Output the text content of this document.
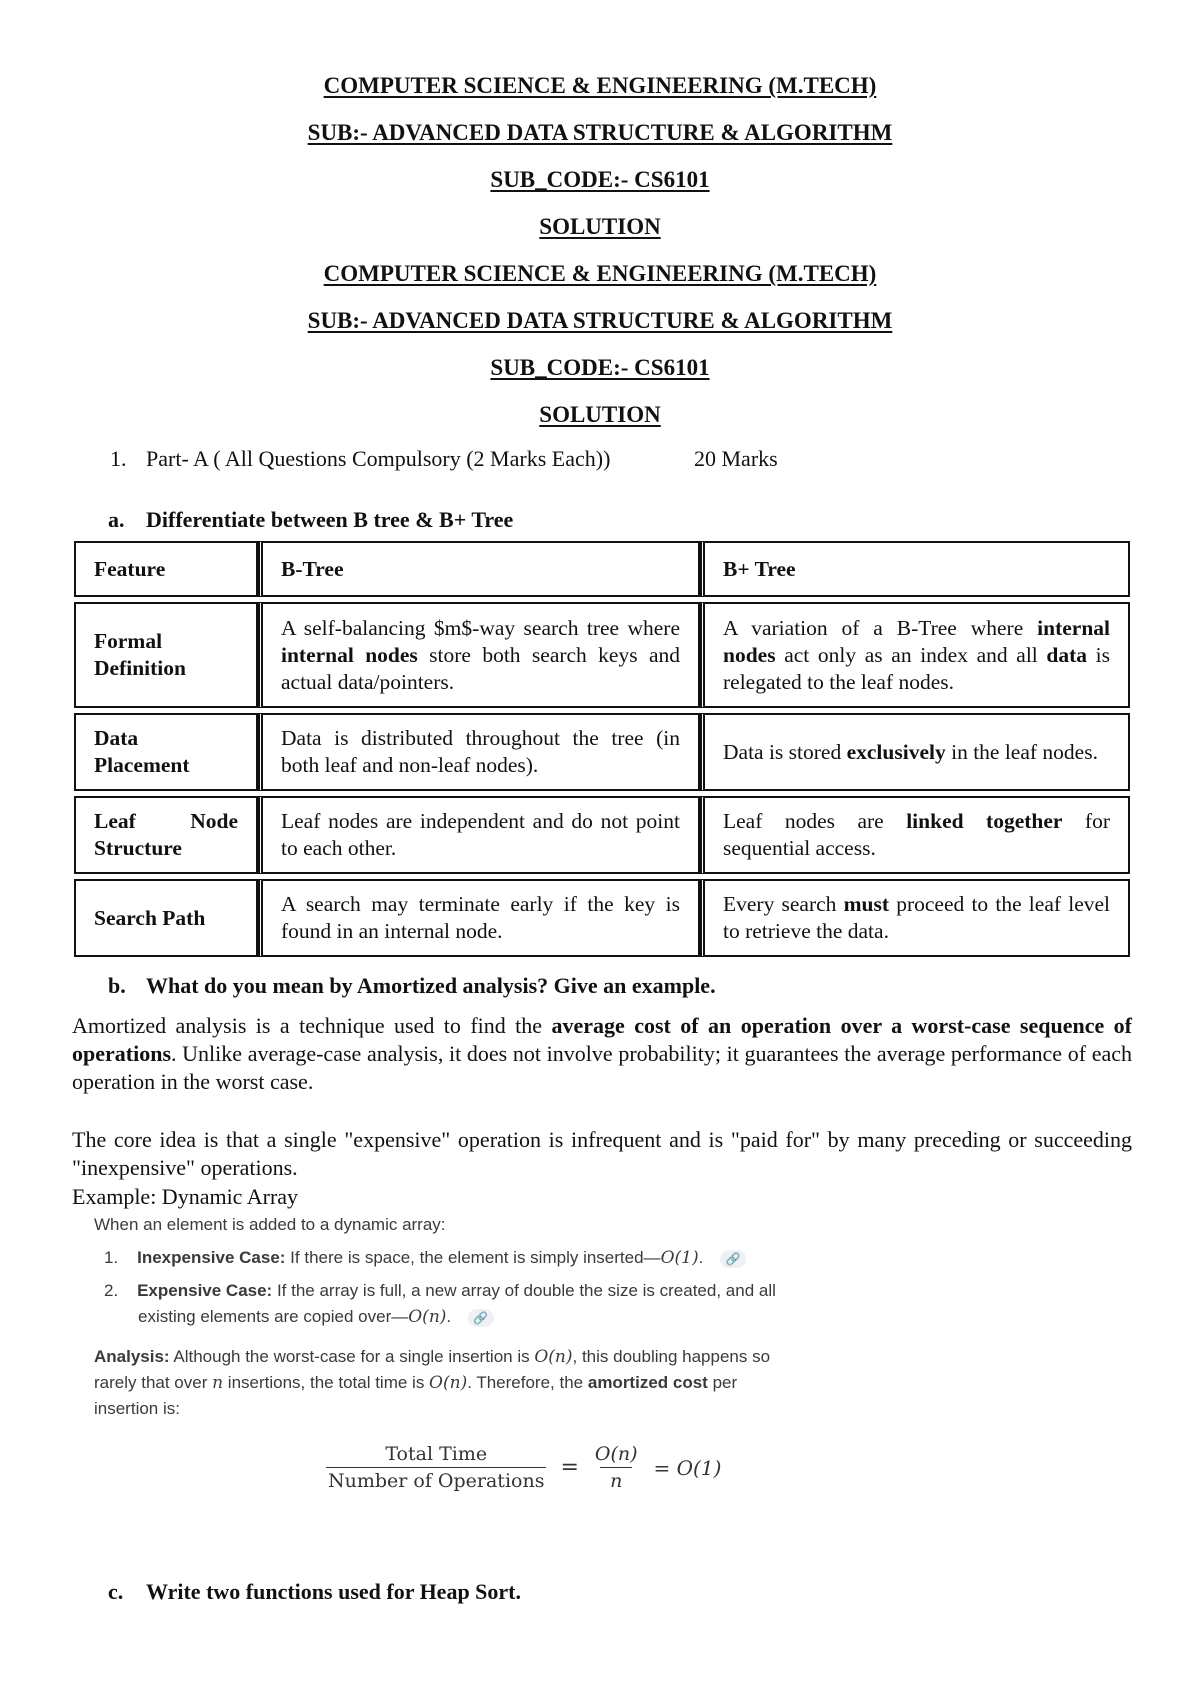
COMPUTER SCIENCE & ENGINEERING (M.TECH)
SUB:- ADVANCED DATA STRUCTURE & ALGORITHM
SUB_CODE:- CS6101
SOLUTION
COMPUTER SCIENCE & ENGINEERING (M.TECH)
SUB:- ADVANCED DATA STRUCTURE & ALGORITHM
SUB_CODE:- CS6101
SOLUTION
1. Part- A ( All Questions Compulsory (2 Marks Each))	20 Marks
a. Differentiate between B tree & B+ Tree
Feature	B-Tree	B+ Tree
Formal Definition	A self-balancing $m$-way search tree where internal nodes store both search keys and actual data/pointers.	A variation of a B-Tree where internal nodes act only as an index and all data is relegated to the leaf nodes.
Data Placement	Data is distributed throughout the tree (in both leaf and non-leaf nodes).	Data is stored exclusively in the leaf nodes.
Leaf Node Structure	Leaf nodes are independent and do not point to each other.	Leaf nodes are linked together for sequential access.
Search Path	A search may terminate early if the key is found in an internal node.	Every search must proceed to the leaf level to retrieve the data.
b. What do you mean by Amortized analysis? Give an example.
Amortized analysis is a technique used to find the average cost of an operation over a worst-case sequence of operations. Unlike average-case analysis, it does not involve probability; it guarantees the average performance of each operation in the worst case.
The core idea is that a single "expensive" operation is infrequent and is "paid for" by many preceding or succeeding "inexpensive" operations.
Example: Dynamic Array
When an element is added to a dynamic array:
1. Inexpensive Case: If there is space, the element is simply inserted—O(1). 🔗
2. Expensive Case: If the array is full, a new array of double the size is created, and all
existing elements are copied over—O(n). 🔗
Analysis: Although the worst-case for a single insertion is O(n), this doubling happens so
rarely that over n insertions, the total time is O(n). Therefore, the amortized cost per
insertion is:
Total Time
Number of Operations
= $\frac{O(n)}{n} = O(1)$
c. Write two functions used for Heap Sort.
